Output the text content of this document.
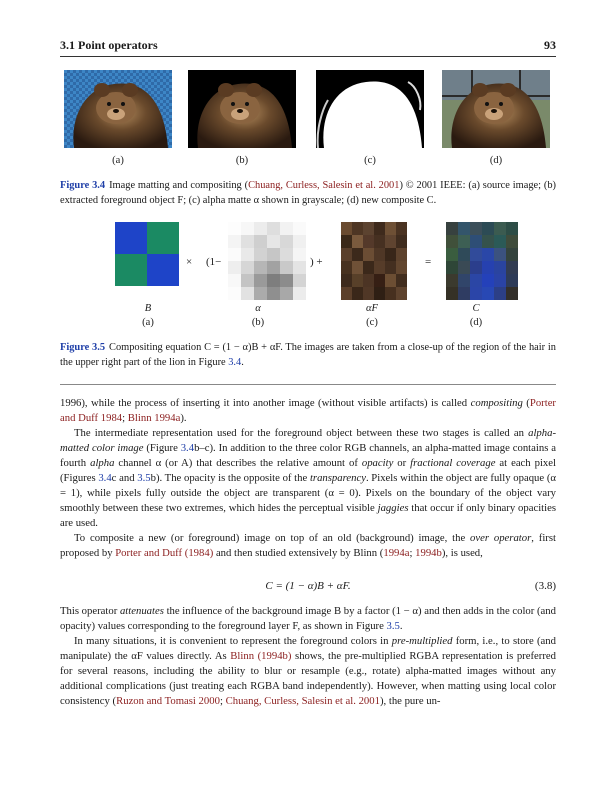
3.1 Point operators	93
(a)	(b)	(c)	(d)
Figure 3.4 Image matting and compositing (Chuang, Curless, Salesin et al. 2001) © 2001 IEEE: (a) source image; (b) extracted foreground object F; (c) alpha matte α shown in grayscale; (d) new composite C.
× (1−	) +	=
B	α	αF	C
(a)	(b)	(c)	(d)
Figure 3.5 Compositing equation C = (1 − α)B + αF. The images are taken from a close-up of the region of the hair in the upper right part of the lion in Figure 3.4.

1996), while the process of inserting it into another image (without visible artifacts) is called compositing (Porter and Duff 1984; Blinn 1994a).

The intermediate representation used for the foreground object between these two stages is called an alpha-matted color image (Figure 3.4b–c). In addition to the three color RGB channels, an alpha-matted image contains a fourth alpha channel α (or A) that describes the relative amount of opacity or fractional coverage at each pixel (Figures 3.4c and 3.5b). The opacity is the opposite of the transparency. Pixels within the object are fully opaque (α = 1), while pixels fully outside the object are transparent (α = 0). Pixels on the boundary of the object vary smoothly between these two extremes, which hides the perceptual visible jaggies that occur if only binary opacities are used.

To composite a new (or foreground) image on top of an old (background) image, the over operator, first proposed by Porter and Duff (1984) and then studied extensively by Blinn (1994a; 1994b), is used,

C = (1 − α)B + αF.	(3.8)

This operator attenuates the influence of the background image B by a factor (1 − α) and then adds in the color (and opacity) values corresponding to the foreground layer F, as shown in Figure 3.5.

In many situations, it is convenient to represent the foreground colors in pre-multiplied form, i.e., to store (and manipulate) the αF values directly. As Blinn (1994b) shows, the pre-multiplied RGBA representation is preferred for several reasons, including the ability to blur or resample (e.g., rotate) alpha-matted images without any additional complications (just treating each RGBA band independently). However, when matting using local color consistency (Ruzon and Tomasi 2000; Chuang, Curless, Salesin et al. 2001), the pure un-
